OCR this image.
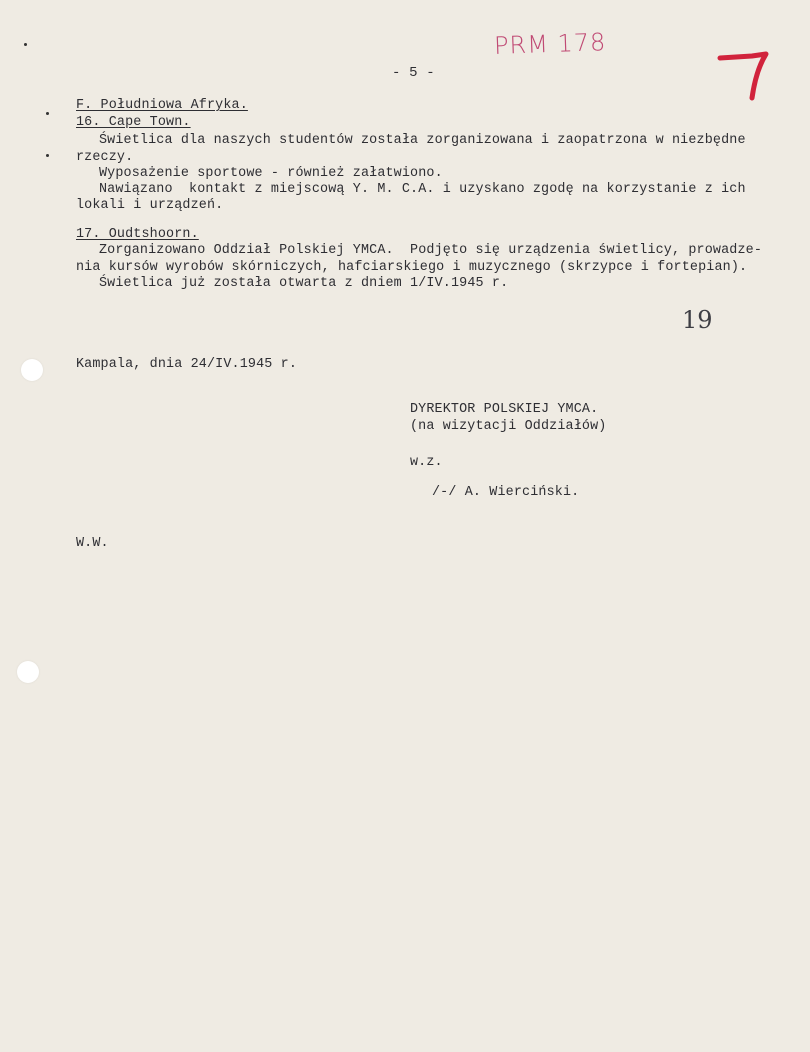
PRM 178
- 5 -
F. Południowa Afryka.
16. Cape Town.
Świetlica dla naszych studentów została zorganizowana i zaopatrzona w niezbędne
rzeczy.
Wyposażenie sportowe - również załatwiono.
Nawiązano  kontakt z miejscową Y. M. C.A. i uzyskano zgodę na korzystanie z ich
lokali i urządzeń.
17. Oudtshoorn.
Zorganizowano Oddział Polskiej YMCA.  Podjęto się urządzenia świetlicy, prowadze-
nia kursów wyrobów skórniczych, hafciarskiego i muzycznego (skrzypce i fortepian).
Świetlica już została otwarta z dniem 1/IV.1945 r.
19
Kampala, dnia 24/IV.1945 r.
DYREKTOR POLSKIEJ YMCA.
(na wizytacji Oddziałów)
w.z.
/-/ A. Wierciński.
W.W.
